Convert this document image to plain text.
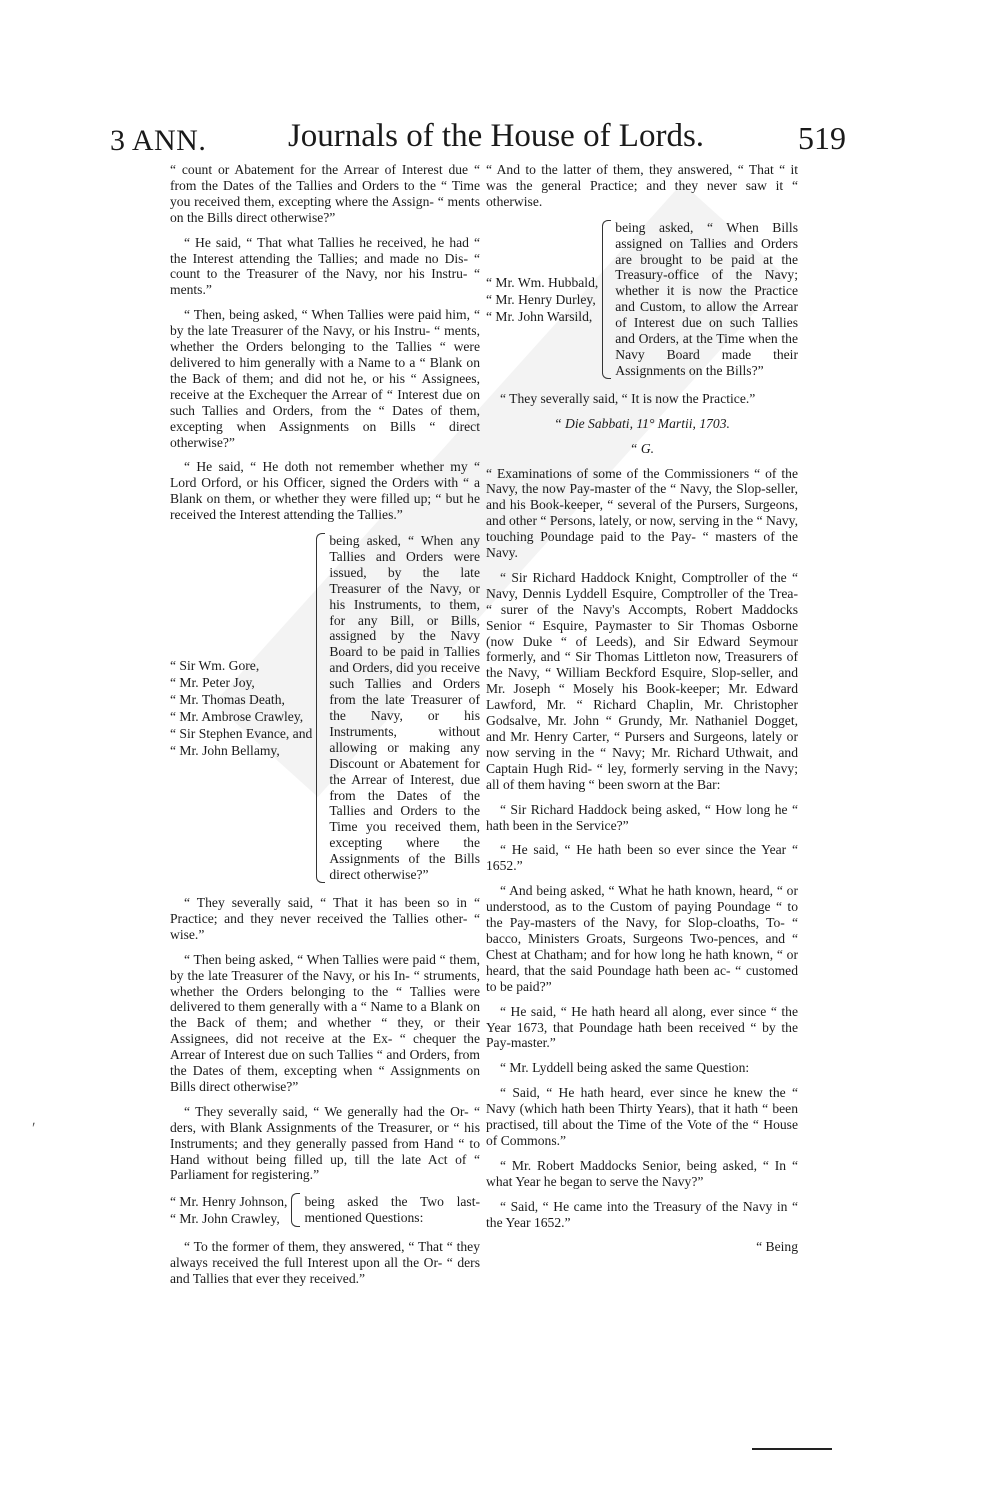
3 ANN.	Journals of the House of Lords.	519

“ count or Abatement for the Arrear of Interest due “ from the Dates of the Tallies and Orders to the “ Time you received them, excepting where the Assign- “ ments on the Bills direct otherwise?”

“ He said, “ That what Tallies he received, he had “ the Interest attending the Tallies; and made no Dis- “ count to the Treasurer of the Navy, nor his Instru- “ ments.”

“ Then, being asked, “ When Tallies were paid him, “ by the late Treasurer of the Navy, or his Instru- “ ments, whether the Orders belonging to the Tallies “ were delivered to him generally with a Name to a “ Blank on the Back of them; and did not he, or his “ Assignees, receive at the Exchequer the Arrear of “ Interest due on such Tallies and Orders, from the “ Dates of them, excepting when Assignments on Bills “ direct otherwise?”

“ He said, “ He doth not remember whether my “ Lord Orford, or his Officer, signed the Orders with “ a Blank on them, or whether they were filled up; “ but he received the Interest attending the Tallies.”

“ Sir Wm. Gore,
“ Mr. Peter Joy,
“ Mr. Thomas Death,
“ Mr. Ambrose Crawley,
“ Sir Stephen Evance, and
“ Mr. John Bellamy,
being asked, “ When any Tallies and Orders were issued, by the late Treasurer of the Navy, or his Instruments, to them, for any Bill, or Bills, assigned by the Navy Board to be paid in Tallies and Orders, did you receive such Tallies and Orders from the late Treasurer of the Navy, or his Instruments, without allowing or making any Discount or Abatement for the Arrear of Interest, due from the Dates of the Tallies and Orders to the Time you received them, excepting where the Assignments of the Bills direct otherwise?”

“ They severally said, “ That it has been so in “ Practice; and they never received the Tallies other- “ wise.”

“ Then being asked, “ When Tallies were paid “ them, by the late Treasurer of the Navy, or his In- “ struments, whether the Orders belonging to the “ Tallies were delivered to them generally with a “ Name to a Blank on the Back of them; and whether “ they, or their Assignees, did not receive at the Ex- “ chequer the Arrear of Interest due on such Tallies “ and Orders, from the Dates of them, excepting when “ Assignments on Bills direct otherwise?”

“ They severally said, “ We generally had the Or- “ ders, with Blank Assignments of the Treasurer, or “ his Instruments; and they generally passed from Hand “ to Hand without being filled up, till the late Act of “ Parliament for registering.”

“ Mr. Henry Johnson,
“ Mr. John Crawley,
being asked the Two last- mentioned Questions:

“ To the former of them, they answered, “ That “ they always received the full Interest upon all the Or- “ ders and Tallies that ever they received.”

“ And to the latter of them, they answered, “ That “ it was the general Practice; and they never saw it “ otherwise.

“ Mr. Wm. Hubbald,
“ Mr. Henry Durley,
“ Mr. John Warsild,
being asked, “ When Bills assigned on Tallies and Orders are brought to be paid at the Treasury-office of the Navy; whether it is now the Practice and Custom, to allow the Arrear of Interest due on such Tallies and Orders, at the Time when the Navy Board made their Assignments on the Bills?”

“ They severally said, “ It is now the Practice.”

“ Die Sabbati, 11° Martii, 1703.

“ G.

“ Examinations of some of the Commissioners “ of the Navy, the now Pay-master of the “ Navy, the Slop-seller, and his Book-keeper, “ several of the Pursers, Surgeons, and other “ Persons, lately, or now, serving in the “ Navy, touching Poundage paid to the Pay- “ masters of the Navy.

“ Sir Richard Haddock Knight, Comptroller of the “ Navy, Dennis Lyddell Esquire, Comptroller of the Trea- “ surer of the Navy's Accompts, Robert Maddocks Senior “ Esquire, Paymaster to Sir Thomas Osborne (now Duke “ of Leeds), and Sir Edward Seymour formerly, and “ Sir Thomas Littleton now, Treasurers of the Navy, “ William Beckford Esquire, Slop-seller, and Mr. Joseph “ Mosely his Book-keeper; Mr. Edward Lawford, Mr. “ Richard Chaplin, Mr. Christopher Godsalve, Mr. John “ Grundy, Mr. Nathaniel Dogget, and Mr. Henry Carter, “ Pursers and Surgeons, lately or now serving in the “ Navy; Mr. Richard Uthwait, and Captain Hugh Rid- “ ley, formerly serving in the Navy; all of them having “ been sworn at the Bar:

“ Sir Richard Haddock being asked, “ How long he “ hath been in the Service?”

“ He said, “ He hath been so ever since the Year “ 1652.”

“ And being asked, “ What he hath known, heard, “ or understood, as to the Custom of paying Poundage “ to the Pay-masters of the Navy, for Slop-cloaths, To- “ bacco, Ministers Groats, Surgeons Two-pences, and “ Chest at Chatham; and for how long he hath known, “ or heard, that the said Poundage hath been ac- “ customed to be paid?”

“ He said, “ He hath heard all along, ever since “ the Year 1673, that Poundage hath been received “ by the Pay-master.”

“ Mr. Lyddell being asked the same Question:

“ Said, “ He hath heard, ever since he knew the “ Navy (which hath been Thirty Years), that it hath “ been practised, till about the Time of the Vote of the “ House of Commons.”

“ Mr. Robert Maddocks Senior, being asked, “ In “ what Year he began to serve the Navy?”

“ Said, “ He came into the Treasury of the Navy in “ the Year 1652.”

“ Being
ʹ
